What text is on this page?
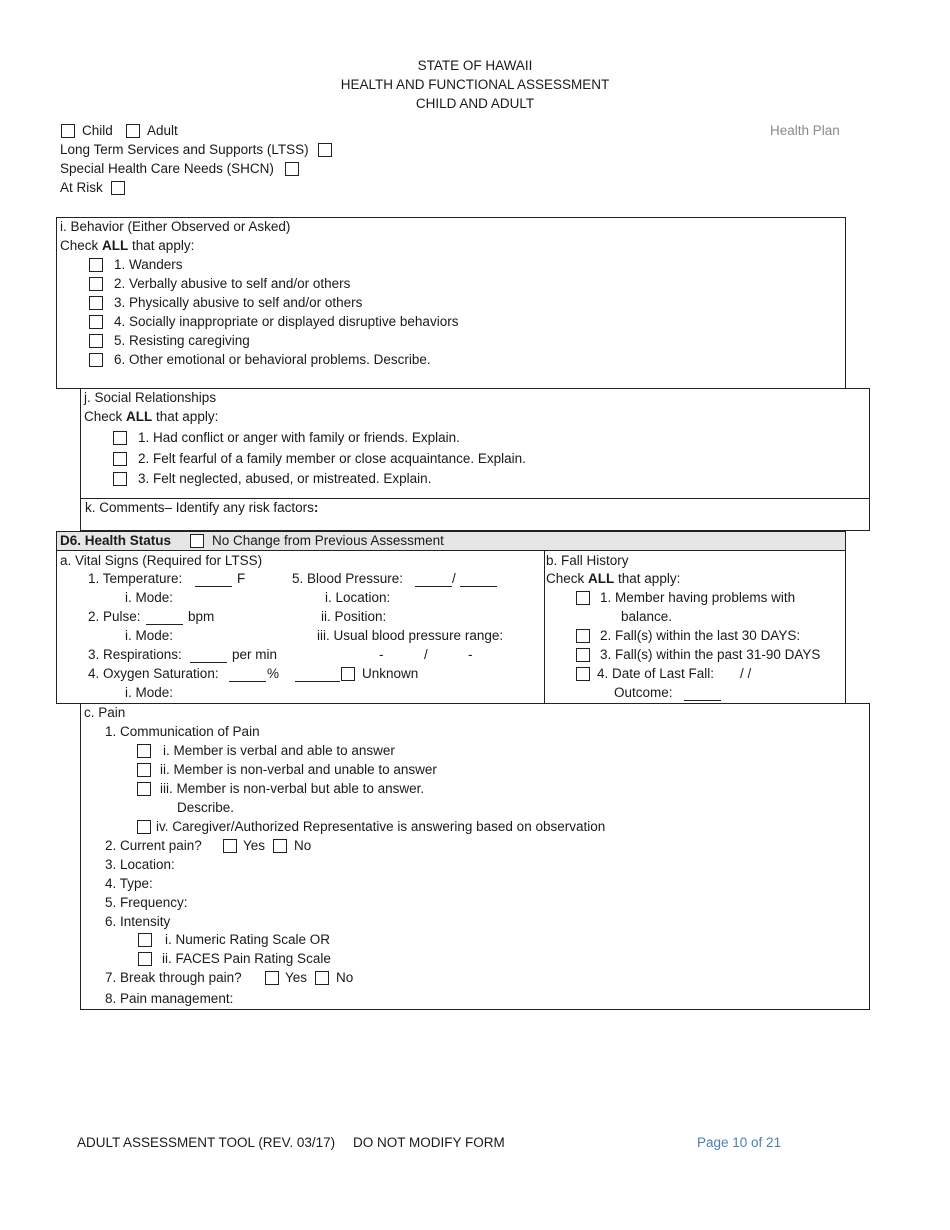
STATE OF HAWAII
HEALTH AND FUNCTIONAL ASSESSMENT
CHILD AND ADULT
Child	Adult	Health Plan
Long Term Services and Supports (LTSS)
Special Health Care Needs (SHCN)
At Risk
i. Behavior (Either Observed or Asked)
Check ALL that apply:
1. Wanders
2. Verbally abusive to self and/or others
3. Physically abusive to self and/or others
4. Socially inappropriate or displayed disruptive behaviors
5. Resisting caregiving
6. Other emotional or behavioral problems. Describe.
j. Social Relationships
Check ALL that apply:
1. Had conflict or anger with family or friends. Explain.
2. Felt fearful of a family member or close acquaintance. Explain.
3. Felt neglected, abused, or mistreated. Explain.
k. Comments– Identify any risk factors:
D6. Health Status	No Change from Previous Assessment
a. Vital Signs (Required for LTSS)
1. Temperature:	F
i. Mode:
2. Pulse:	bpm
i. Mode:
3. Respirations:	per min
4. Oxygen Saturation:	%	Unknown
i. Mode:
5. Blood Pressure:	/
i. Location:
ii. Position:
iii. Usual blood pressure range:
-	/	-
b. Fall History
Check ALL that apply:
1. Member having problems with
balance.
2. Fall(s) within the last 30 DAYS:
3. Fall(s) within the past 31-90 DAYS
4. Date of Last Fall: / /
Outcome:
c. Pain
1. Communication of Pain
i. Member is verbal and able to answer
ii. Member is non-verbal and unable to answer
iii. Member is non-verbal but able to answer.
Describe.
iv. Caregiver/Authorized Representative is answering based on observation
2. Current pain?	Yes No
3. Location:
4. Type:
5. Frequency:
6. Intensity
i. Numeric Rating Scale OR
ii. FACES Pain Rating Scale
7. Break through pain?	Yes No
8. Pain management:
ADULT ASSESSMENT TOOL (REV. 03/17) DO NOT MODIFY FORM	Page 10 of 21
